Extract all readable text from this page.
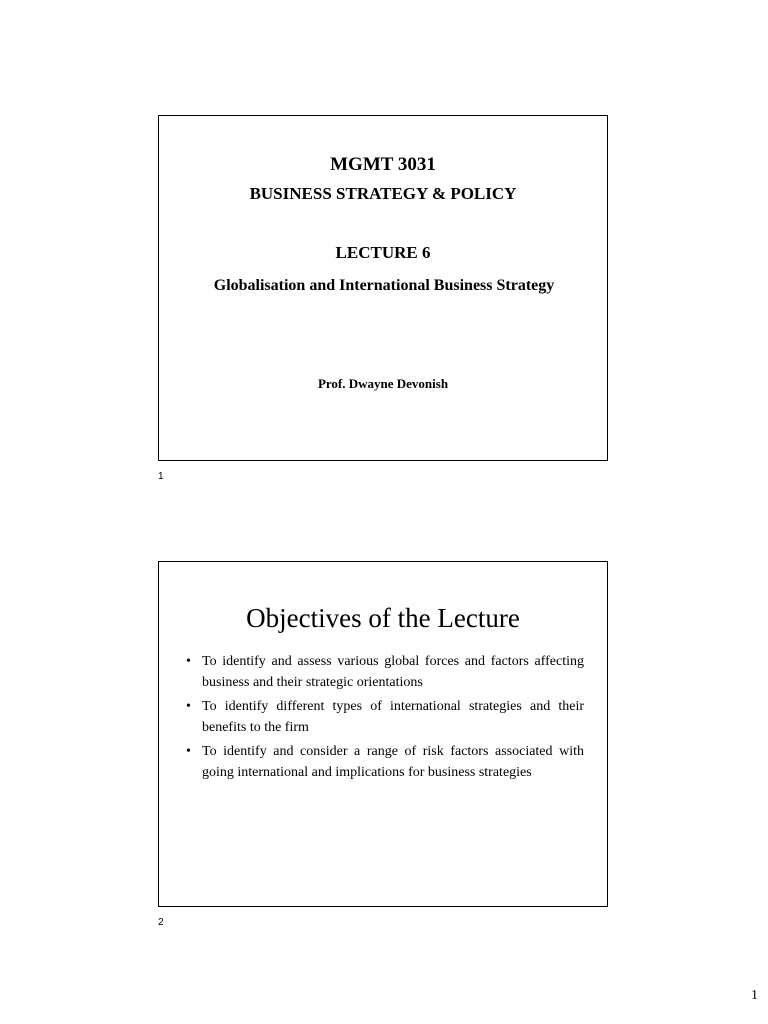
MGMT 3031
BUSINESS STRATEGY & POLICY
LECTURE 6
Globalisation and International Business Strategy
Prof. Dwayne Devonish
1
Objectives of the Lecture
• To identify and assess various global forces and factors affecting business and their strategic orientations
• To identify different types of international strategies and their benefits to the firm
• To identify and consider a range of risk factors associated with going international and implications for business strategies
2
1
